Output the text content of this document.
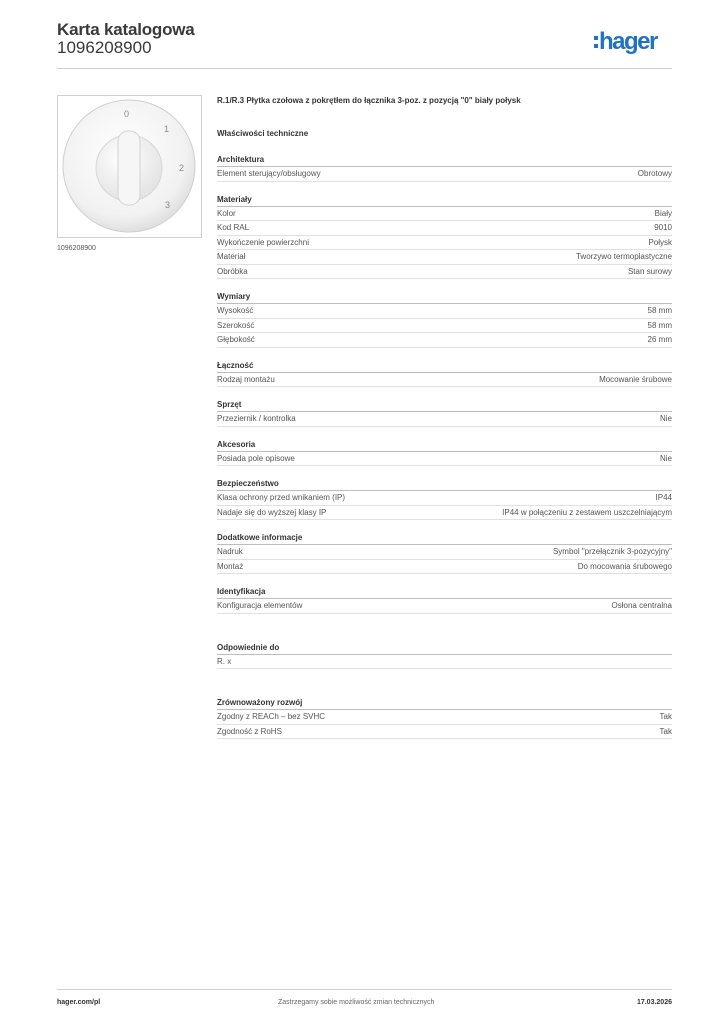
Karta katalogowa
1096208900	hager
0
1
2
3
1096208900
R.1/R.3 Płytka czołowa z pokrętłem do łącznika 3-poz. z pozycją "0" biały połysk
Właściwości techniczne
Architektura
Element sterujący/obsługowy	Obrotowy
Materiały
Kolor	Biały
Kod RAL	9010
Wykończenie powierzchni	Połysk
Materiał	Tworzywo termoplastyczne
Obróbka	Stan surowy
Wymiary
Wysokość	58 mm
Szerokość	58 mm
Głębokość	26 mm
Łączność
Rodzaj montażu	Mocowanie śrubowe
Sprzęt
Przeziernik / kontrolka	Nie
Akcesoria
Posiada pole opisowe	Nie
Bezpieczeństwo
Klasa ochrony przed wnikaniem (IP)	IP44
Nadaje się do wyższej klasy IP	IP44 w połączeniu z zestawem uszczelniającym
Dodatkowe informacje
Nadruk	Symbol "przełącznik 3-pozycyjny"
Montaż	Do mocowania śrubowego
Identyfikacja
Konfiguracja elementów	Osłona centralna
Odpowiednie do
R. x
Zrównoważony rozwój
Zgodny z REACh – bez SVHC	Tak
Zgodność z RoHS	Tak
hager.com/pl	Zastrzegamy sobie możliwość zmian technicznych	17.03.2026
